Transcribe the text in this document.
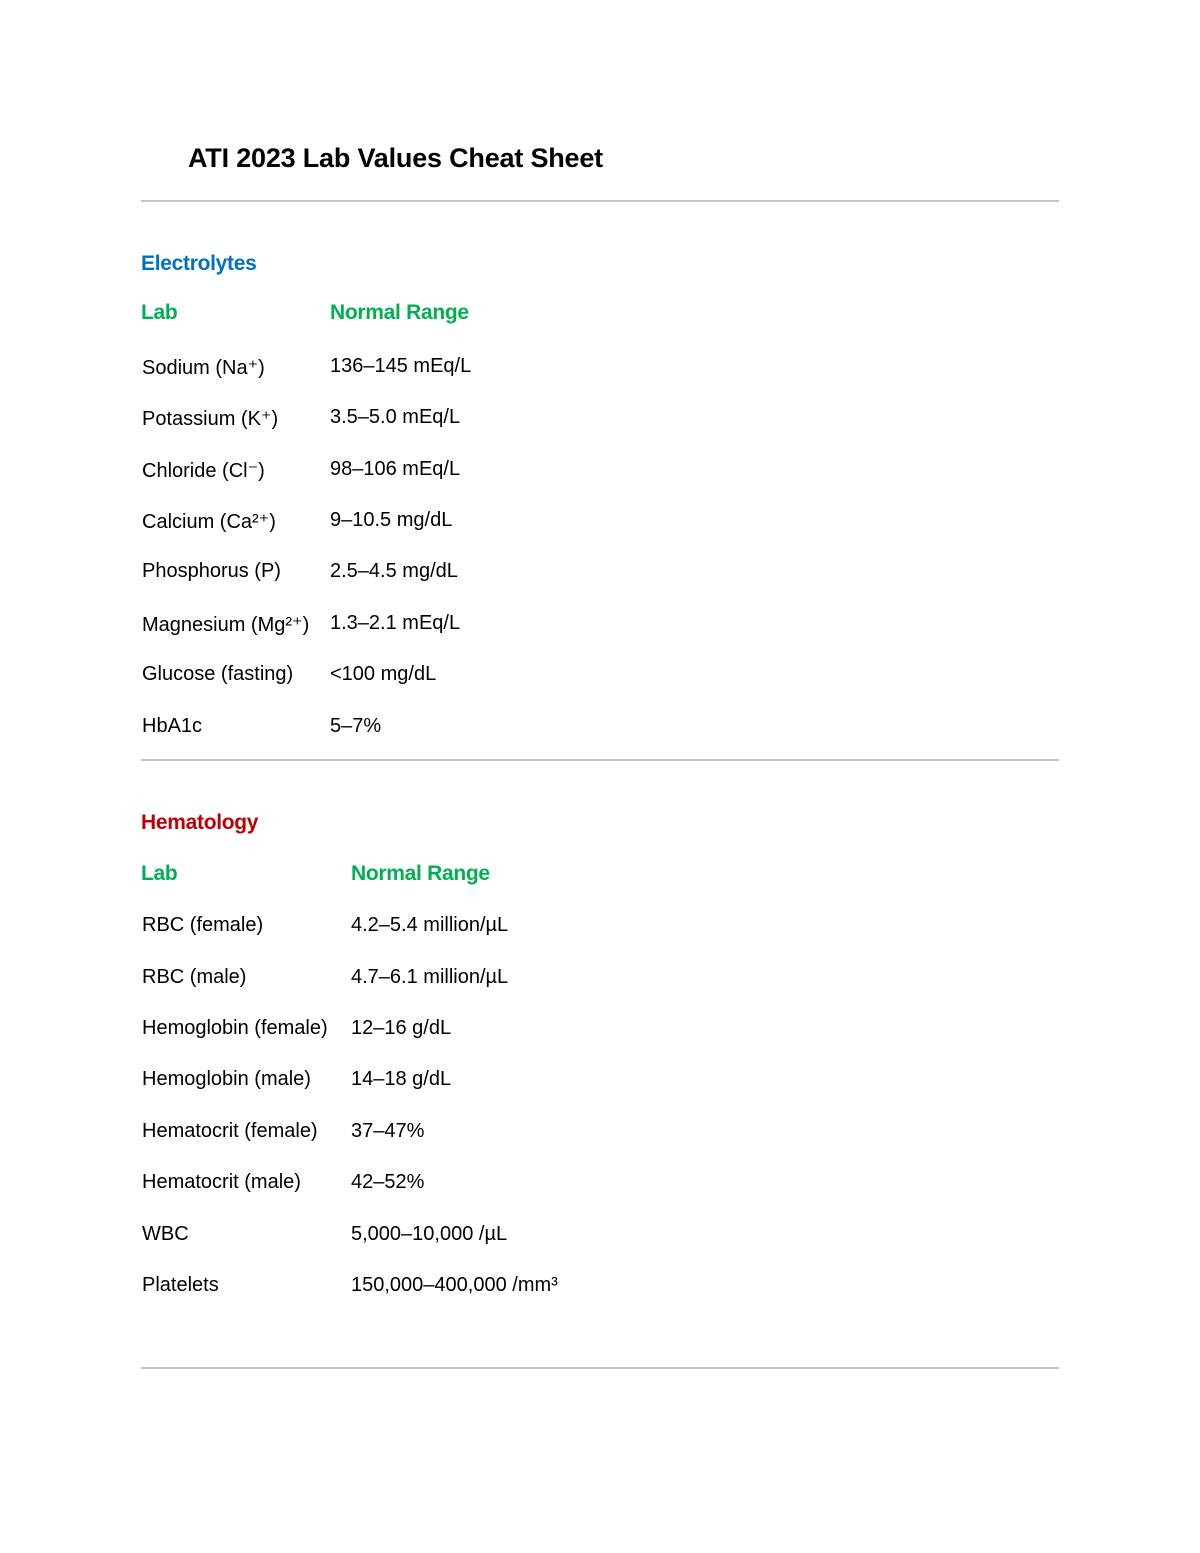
ATI 2023 Lab Values Cheat Sheet
Electrolytes
Lab	Normal Range
Sodium (Na⁺)	136–145 mEq/L
Potassium (K⁺)	3.5–5.0 mEq/L
Chloride (Cl⁻)	98–106 mEq/L
Calcium (Ca²⁺)	9–10.5 mg/dL
Phosphorus (P) 2.5–4.5 mg/dL
Magnesium (Mg²⁺) 1.3–2.1 mEq/L
Glucose (fasting) <100 mg/dL
HbA1c	5–7%
Hematology
Lab	Normal Range
RBC (female)	4.2–5.4 million/µL
RBC (male)	4.7–6.1 million/µL
Hemoglobin (female) 12–16 g/dL
Hemoglobin (male) 14–18 g/dL
Hematocrit (female) 37–47%
Hematocrit (male)	42–52%
WBC	5,000–10,000 /µL
Platelets	150,000–400,000 /mm³
